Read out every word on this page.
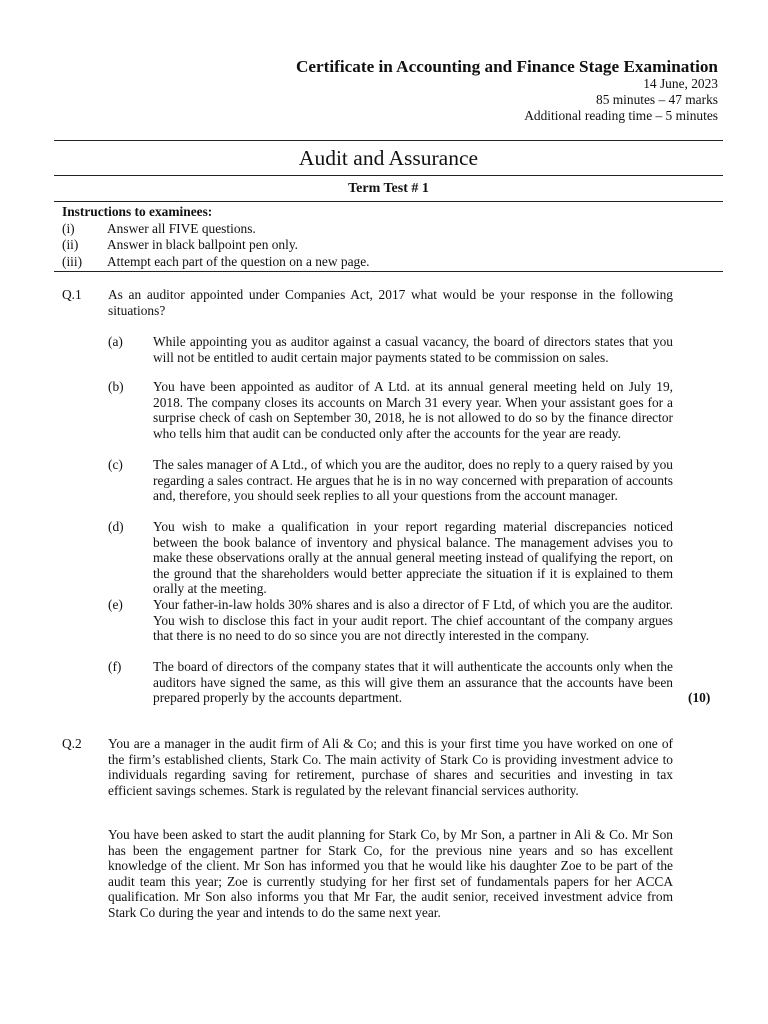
Certificate in Accounting and Finance Stage Examination
14 June, 2023
85 minutes – 47 marks
Additional reading time – 5 minutes
Audit and Assurance
Term Test # 1
Instructions to examinees:
(i)	Answer all FIVE questions.
(ii)	Answer in black ballpoint pen only.
(iii)	Attempt each part of the question on a new page.
Q.1 As an auditor appointed under Companies Act, 2017 what would be your response in the following situations?

(a) While appointing you as auditor against a casual vacancy, the board of directors states that you will not be entitled to audit certain major payments stated to be commission on sales.

(b) You have been appointed as auditor of A Ltd. at its annual general meeting held on July 19, 2018. The company closes its accounts on March 31 every year. When your assistant goes for a surprise check of cash on September 30, 2018, he is not allowed to do so by the finance director who tells him that audit can be conducted only after the accounts for the year are ready.

(c) The sales manager of A Ltd., of which you are the auditor, does no reply to a query raised by you regarding a sales contract. He argues that he is in no way concerned with preparation of accounts and, therefore, you should seek replies to all your questions from the account manager.

(d) You wish to make a qualification in your report regarding material discrepancies noticed between the book balance of inventory and physical balance. The management advises you to make these observations orally at the annual general meeting instead of qualifying the report, on the ground that the shareholders would better appreciate the situation if it is explained to them orally at the meeting.

(e) Your father-in-law holds 30% shares and is also a director of F Ltd, of which you are the auditor. You wish to disclose this fact in your audit report. The chief accountant of the company argues that there is no need to do so since you are not directly interested in the company.

(f) The board of directors of the company states that it will authenticate the accounts only when the auditors have signed the same, as this will give them an assurance that the accounts have been prepared properly by the accounts department.	(10)
Q.2 You are a manager in the audit firm of Ali & Co; and this is your first time you have worked on one of the firm’s established clients, Stark Co. The main activity of Stark Co is providing investment advice to individuals regarding saving for retirement, purchase of shares and securities and investing in tax efficient savings schemes. Stark is regulated by the relevant financial services authority.

You have been asked to start the audit planning for Stark Co, by Mr Son, a partner in Ali & Co. Mr Son has been the engagement partner for Stark Co, for the previous nine years and so has excellent knowledge of the client. Mr Son has informed you that he would like his daughter Zoe to be part of the audit team this year; Zoe is currently studying for her first set of fundamentals papers for her ACCA qualification. Mr Son also informs you that Mr Far, the audit senior, received investment advice from Stark Co during the year and intends to do the same next year.
